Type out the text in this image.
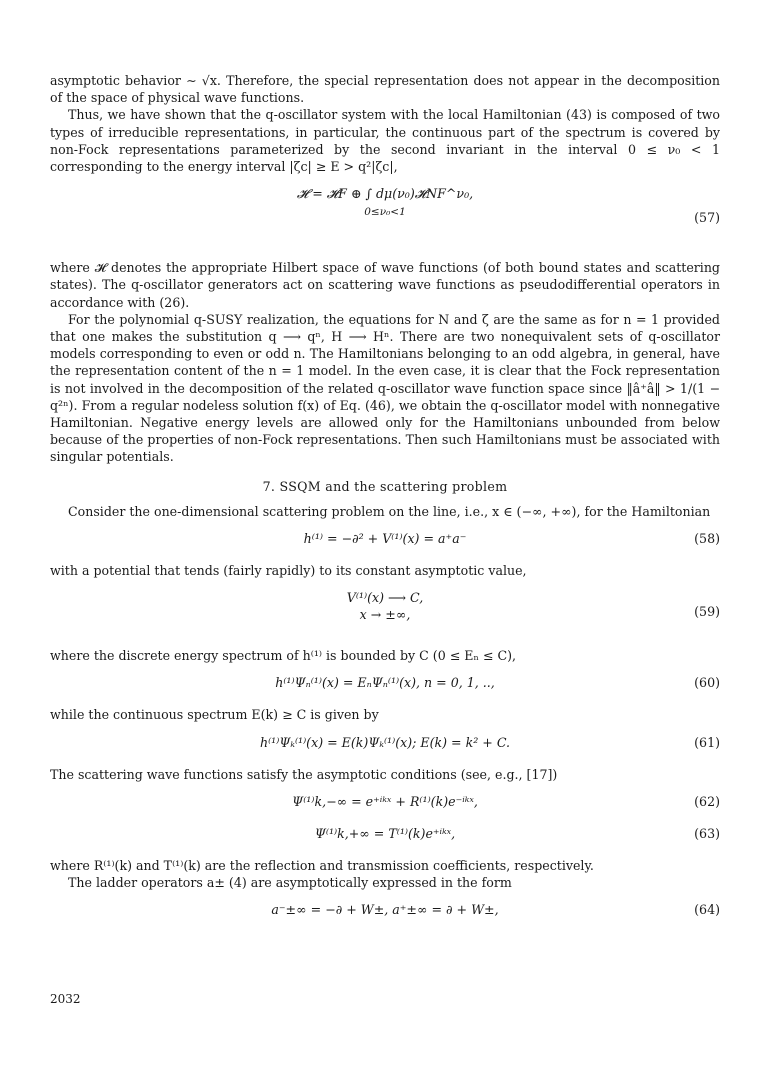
asymptotic behavior ∼ √x. Therefore, the special representation does not appear in the decomposition of the space of physical wave functions.

Thus, we have shown that the q-oscillator system with the local Hamiltonian (43) is composed of two types of irreducible representations, in particular, the continuous part of the spectrum is covered by non-Fock representations parameterized by the second invariant in the interval 0 ≤ ν₀ < 1 corresponding to the energy interval |ζc| ≥ E > q²|ζc|,

𝓗 = 𝓗F ⊕ ∫ dμ(ν₀)𝓗NF^ν₀,
0≤ν₀<1	(57)

where 𝓗 denotes the appropriate Hilbert space of wave functions (of both bound states and scattering states). The q-oscillator generators act on scattering wave functions as pseudodifferential operators in accordance with (26).

For the polynomial q-SUSY realization, the equations for N and ζ are the same as for n = 1 provided that one makes the substitution q ⟶ qⁿ, H ⟶ Hⁿ. There are two nonequivalent sets of q-oscillator models corresponding to even or odd n. The Hamiltonians belonging to an odd algebra, in general, have the representation content of the n = 1 model. In the even case, it is clear that the Fock representation is not involved in the decomposition of the related q-oscillator wave function space since ‖â⁺â‖ > 1/(1 − q²ⁿ). From a regular nodeless solution f(x) of Eq. (46), we obtain the q-oscillator model with nonnegative Hamiltonian. Negative energy levels are allowed only for the Hamiltonians unbounded from below because of the properties of non-Fock representations. Then such Hamiltonians must be associated with singular potentials.

7. SSQM and the scattering problem

Consider the one-dimensional scattering problem on the line, i.e., x ∈ (−∞, +∞), for the Hamiltonian

h⁽¹⁾ = −∂² + V⁽¹⁾(x) = a⁺a⁻	(58)

with a potential that tends (fairly rapidly) to its constant asymptotic value,

V⁽¹⁾(x) ⟶ C,
x → ±∞,	(59)

where the discrete energy spectrum of h⁽¹⁾ is bounded by C (0 ≤ Eₙ ≤ C),

h⁽¹⁾Ψₙ⁽¹⁾(x) = EₙΨₙ⁽¹⁾(x), n = 0, 1, ..,	(60)

while the continuous spectrum E(k) ≥ C is given by

h⁽¹⁾Ψₖ⁽¹⁾(x) = E(k)Ψₖ⁽¹⁾(x); E(k) = k² + C.	(61)

The scattering wave functions satisfy the asymptotic conditions (see, e.g., [17])

Ψ⁽¹⁾k,−∞ = e⁺ⁱᵏˣ + R⁽¹⁾(k)e⁻ⁱᵏˣ,	(62)
Ψ⁽¹⁾k,+∞ = T⁽¹⁾(k)e⁺ⁱᵏˣ,	(63)

where R⁽¹⁾(k) and T⁽¹⁾(k) are the reflection and transmission coefficients, respectively.

The ladder operators a± (4) are asymptotically expressed in the form

a⁻±∞ = −∂ + W±, a⁺±∞ = ∂ + W±,	(64)
2032
